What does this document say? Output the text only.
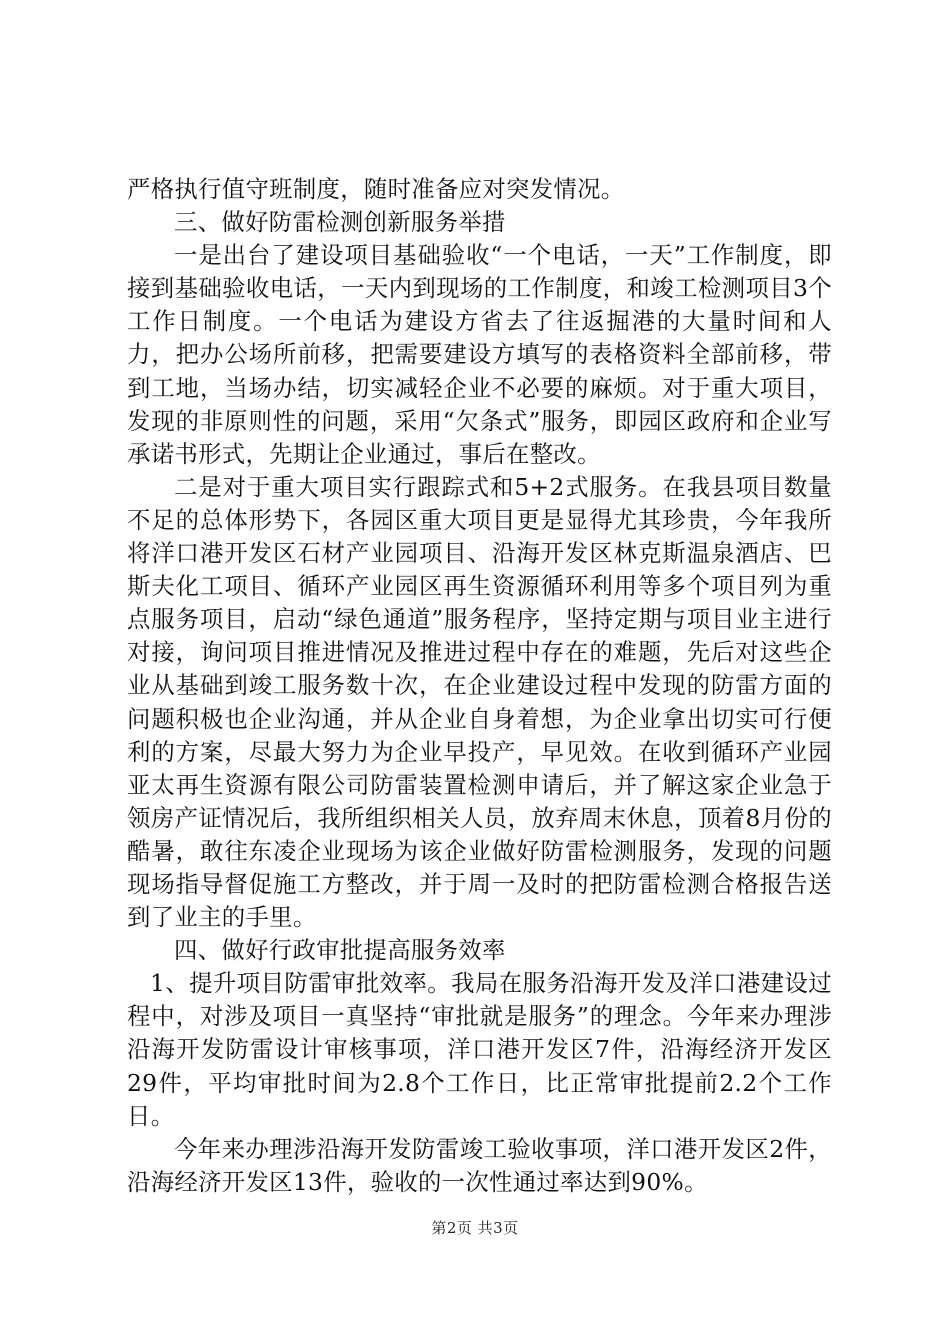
严格执行值守班制度，随时准备应对突发情况。

三、做好防雷检测创新服务举措

一是出台了建设项目基础验收“一个电话，一天”工作制度，即接到基础验收电话，一天内到现场的工作制度，和竣工检测项目3个工作日制度。一个电话为建设方省去了往返掘港的大量时间和人力，把办公场所前移，把需要建设方填写的表格资料全部前移，带到工地，当场办结，切实减轻企业不必要的麻烦。对于重大项目，发现的非原则性的问题，采用“欠条式”服务，即园区政府和企业写承诺书形式，先期让企业通过，事后在整改。

二是对于重大项目实行跟踪式和5+2式服务。在我县项目数量不足的总体形势下，各园区重大项目更是显得尤其珍贵，今年我所将洋口港开发区石材产业园项目、沿海开发区林克斯温泉酒店、巴斯夫化工项目、循环产业园区再生资源循环利用等多个项目列为重点服务项目，启动“绿色通道”服务程序，坚持定期与项目业主进行对接，询问项目推进情况及推进过程中存在的难题，先后对这些企业从基础到竣工服务数十次，在企业建设过程中发现的防雷方面的问题积极也企业沟通，并从企业自身着想，为企业拿出切实可行便利的方案，尽最大努力为企业早投产，早见效。在收到循环产业园亚太再生资源有限公司防雷装置检测申请后，并了解这家企业急于领房产证情况后，我所组织相关人员，放弃周末休息，顶着8月份的酷暑，敢往东凌企业现场为该企业做好防雷检测服务，发现的问题现场指导督促施工方整改，并于周一及时的把防雷检测合格报告送到了业主的手里。

四、做好行政审批提高服务效率

1、提升项目防雷审批效率。我局在服务沿海开发及洋口港建设过程中，对涉及项目一真坚持“审批就是服务”的理念。今年来办理涉沿海开发防雷设计审核事项，洋口港开发区7件，沿海经济开发区29件，平均审批时间为2.8个工作日，比正常审批提前2.2个工作日。

今年来办理涉沿海开发防雷竣工验收事项，洋口港开发区2件，沿海经济开发区13件，验收的一次性通过率达到90%。

第2页 共3页
